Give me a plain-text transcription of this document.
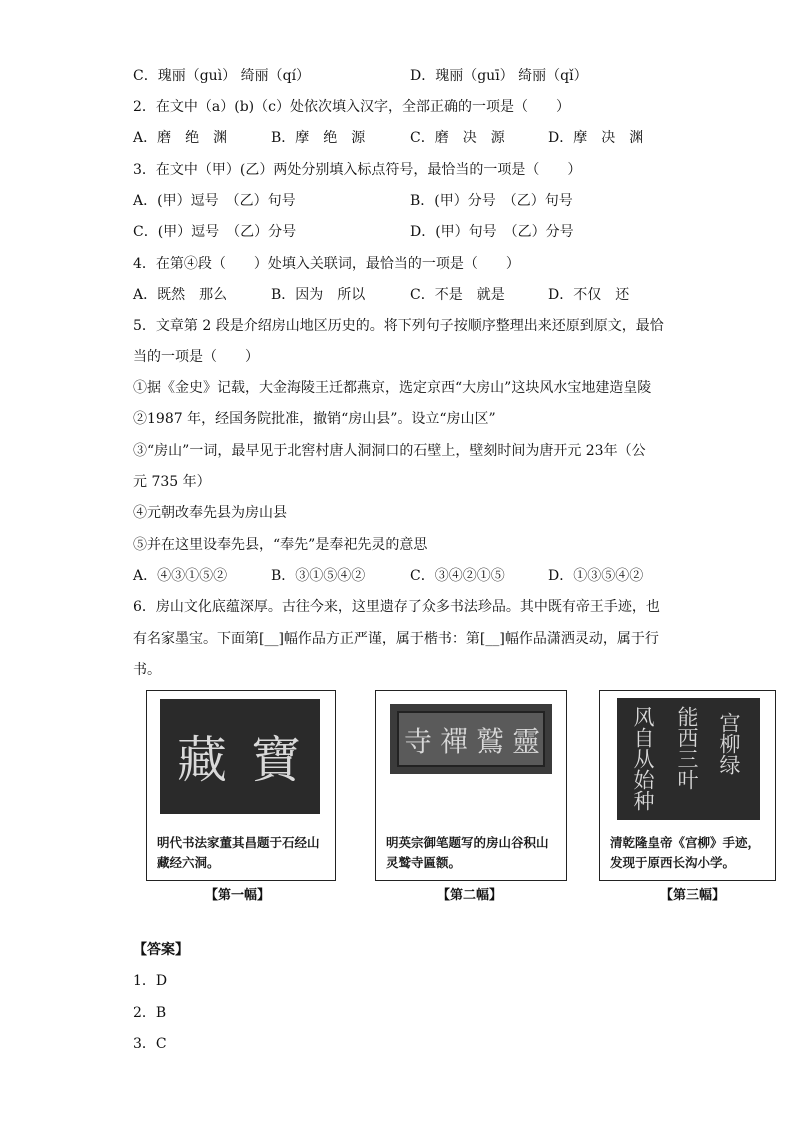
C．瑰丽（guì） 绮丽（qí）	D．瑰丽（guī） 绮丽（qǐ）
2．在文中（a）(b)（c）处依次填入汉字，全部正确的一项是（　　）
A．磨　绝　渊	B．摩　绝　源	C．磨　决　源	D．摩　决　渊
3．在文中（甲）(乙）两处分别填入标点符号，最恰当的一项是（　　）
A．(甲）逗号　（乙）句号	B．(甲）分号　（乙）句号
C．(甲）逗号　（乙）分号	D．(甲）句号　（乙）分号
4．在第④段（　　）处填入关联词，最恰当的一项是（　　）
A．既然　那么	B．因为　所以	C．不是　就是	D．不仅　还
5．文章第 2 段是介绍房山地区历史的。将下列句子按顺序整理出来还原到原文，最恰
当的一项是（　　）
①据《金史》记载，大金海陵王迁都燕京，选定京西“大房山”这块风水宝地建造皇陵
②1987 年，经国务院批准，撤销“房山县”。设立“房山区”
③“房山”一词，最早见于北窖村唐人洞洞口的石壁上，壁刻时间为唐开元 23年（公
元 735 年）
④元朝改奉先县为房山县
⑤并在这里设奉先县，“奉先”是奉祀先灵的意思
A．④③①⑤②	B．③①⑤④②	C．③④②①⑤	D．①③⑤④②
6．房山文化底蕴深厚。古往今来，这里遗存了众多书法珍品。其中既有帝王手迹，也
有名家墨宝。下面第[__]幅作品方正严谨，属于楷书：第[__]幅作品潇洒灵动，属于行
书。
藏 寶
明代书法家董其昌题于石经山藏经六洞。
【第一幅】
寺 禪 鷲 靈
明英宗御笔题写的房山谷积山灵鹫寺匾额。
【第二幅】
宫柳绿
能西三叶
风自从始种
清乾隆皇帝《宫柳》手迹，发现于原西长沟小学。
【第三幅】
【答案】
1．D
2．B
3．C
